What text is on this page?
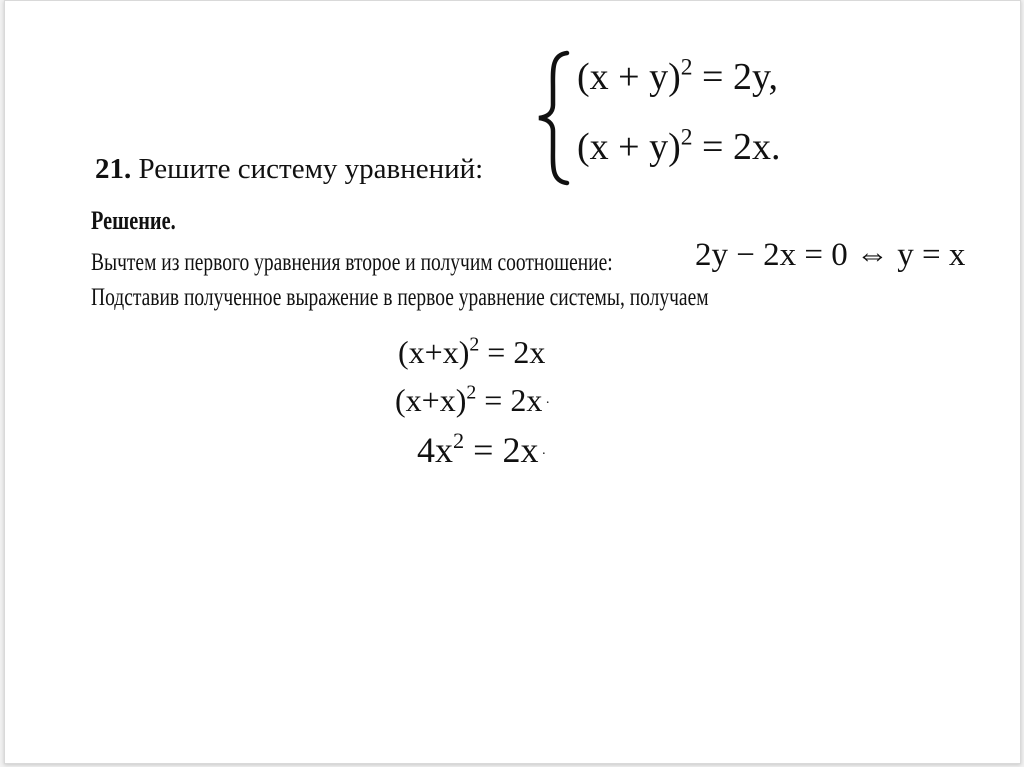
21. Решите систему уравнений:
$(x + y)^2 = 2y$,
$(x + y)^2 = 2x$.
Решение.
Вычтем из первого уравнения второе и получим соотношение: 2y − 2x = 0 ⇔ y = x
Подставив полученное выражение в первое уравнение системы, получаем
$(x+x)^2 = 2x$
$(x+x)^2 = 2x$ ·
$4x^2 = 2x$ ·
